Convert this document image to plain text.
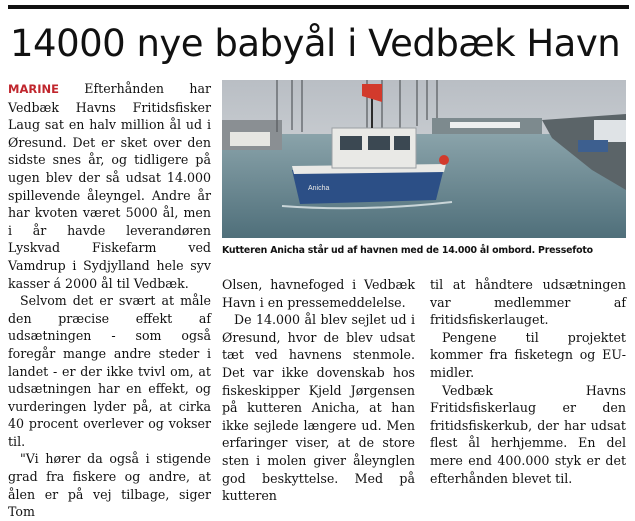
14000 nye babyål i Vedbæk Havn

MARINE Efterhånden har Vedbæk Havns Fritidsfisker Laug sat en halv million ål ud i Øresund. Det er sket over den sidste snes år, og tidligere på ugen blev der så udsat 14.000 spillevende åleyngel. Andre år har kvoten været 5000 ål, men i år havde leverandøren Lyskvad Fiskefarm ved Vamdrup i Sydjylland hele syv kasser á 2000 ål til Vedbæk.

Selvom det er svært at måle den præcise effekt af udsætningen - som også foregår mange andre steder i landet - er der ikke tvivl om, at udsætningen har en effekt, og vurderingen lyder på, at cirka 40 procent overlever og vokser til.

"Vi hører da også i stigende grad fra fiskere og andre, at ålen er på vej tilbage, siger Tom

Anicha
Kutteren Anicha står ud af havnen med de 14.000 ål ombord. Pressefoto

Olsen, havnefoged i Vedbæk Havn i en pressemeddelelse.

De 14.000 ål blev sejlet ud i Øresund, hvor de blev udsat tæt ved havnens stenmole. Det var ikke dovenskab hos fiskeskipper Kjeld Jørgensen på kutteren Anicha, at han ikke sejlede længere ud. Men erfaringer viser, at de store sten i molen giver åleynglen god beskyttelse. Med på kutteren

til at håndtere udsætningen var medlemmer af fritidsfiskerlauget.

Pengene til projektet kommer fra fisketegn og EU-midler.

Vedbæk Havns Fritidsfiskerlaug er den fritidsfiskerkub, der har udsat flest ål herhjemme. En del mere end 400.000 styk er det efterhånden blevet til.
